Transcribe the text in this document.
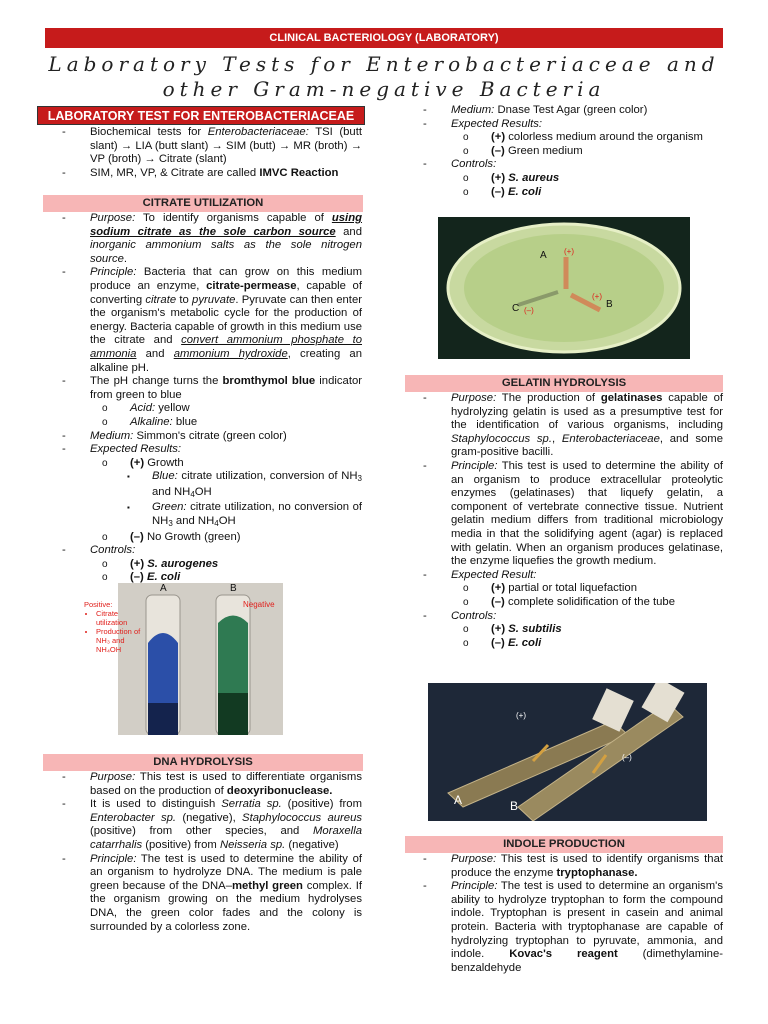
CLINICAL BACTERIOLOGY (LABORATORY)
Laboratory Tests for Enterobacteriaceae and
other Gram-negative Bacteria
LABORATORY TEST FOR ENTEROBACTERIACEAE
- Biochemical tests for Enterobacteriaceae: TSI (butt slant) → LIA (butt slant) → SIM (butt) → MR (broth) → VP (broth) → Citrate (slant)
- SIM, MR, VP, & Citrate are called IMVC Reaction
CITRATE UTILIZATION
- Purpose: To identify organisms capable of using sodium citrate as the sole carbon source and inorganic ammonium salts as the sole nitrogen source.
- Principle: Bacteria that can grow on this medium produce an enzyme, citrate-permease, capable of converting citrate to pyruvate. Pyruvate can then enter the organism's metabolic cycle for the production of energy. Bacteria capable of growth in this medium use the citrate and convert ammonium phosphate to ammonia and ammonium hydroxide, creating an alkaline pH.
- The pH change turns the bromthymol blue indicator from green to blue
o Acid: yellow
o Alkaline: blue
- Medium: Simmon's citrate (green color)
- Expected Results:
o (+) Growth
▪ Blue: citrate utilization, conversion of $NH_3$ and $NH_4OH$
▪ Green: citrate utilization, no conversion of $NH_3$ and $NH_4OH$
o (–) No Growth (green)
- Controls:
o (+) S. aurogenes
o (–) E. coli
A	B
Positive:
• Citrate utilization
• Production of NH₃ and NH₄OH
Negative
DNA HYDROLYSIS
- Purpose: This test is used to differentiate organisms based on the production of deoxyribonuclease.
- It is used to distinguish Serratia sp. (positive) from Enterobacter sp. (negative), Staphylococcus aureus (positive) from other species, and Moraxella catarrhalis (positive) from Neisseria sp. (negative)
- Principle: The test is used to determine the ability of an organism to hydrolyze DNA. The medium is pale green because of the DNA–methyl green complex. If the organism growing on the medium hydrolyses DNA, the green color fades and the colony is surrounded by a colorless zone.
- Medium: Dnase Test Agar (green color)
- Expected Results:
o (+) colorless medium around the organism
o (–) Green medium
- Controls:
o (+) S. aureus
o (–) E. coli
A
B
C
(+)
(+)
(–)
GELATIN HYDROLYSIS
- Purpose: The production of gelatinases capable of hydrolyzing gelatin is used as a presumptive test for the identification of various organisms, including Staphylococcus sp., Enterobacteriaceae, and some gram-positive bacilli.
- Principle: This test is used to determine the ability of an organism to produce extracellular proteolytic enzymes (gelatinases) that liquefy gelatin, a component of vertebrate connective tissue. Nutrient gelatin medium differs from traditional microbiology media in that the solidifying agent (agar) is replaced with gelatin. When an organism produces gelatinase, the enzyme liquefies the growth medium.
- Expected Result:
o (+) partial or total liquefaction
o (–) complete solidification of the tube
- Controls:
o (+) S. subtilis
o (–) E. coli
A	B
(+)
(–)
INDOLE PRODUCTION
- Purpose: This test is used to identify organisms that produce the enzyme tryptophanase.
- Principle: The test is used to determine an organism's ability to hydrolyze tryptophan to form the compound indole. Tryptophan is present in casein and animal protein. Bacteria with tryptophanase are capable of hydrolyzing tryptophan to pyruvate, ammonia, and indole. Kovac's reagent (dimethylamine-benzaldehyde
